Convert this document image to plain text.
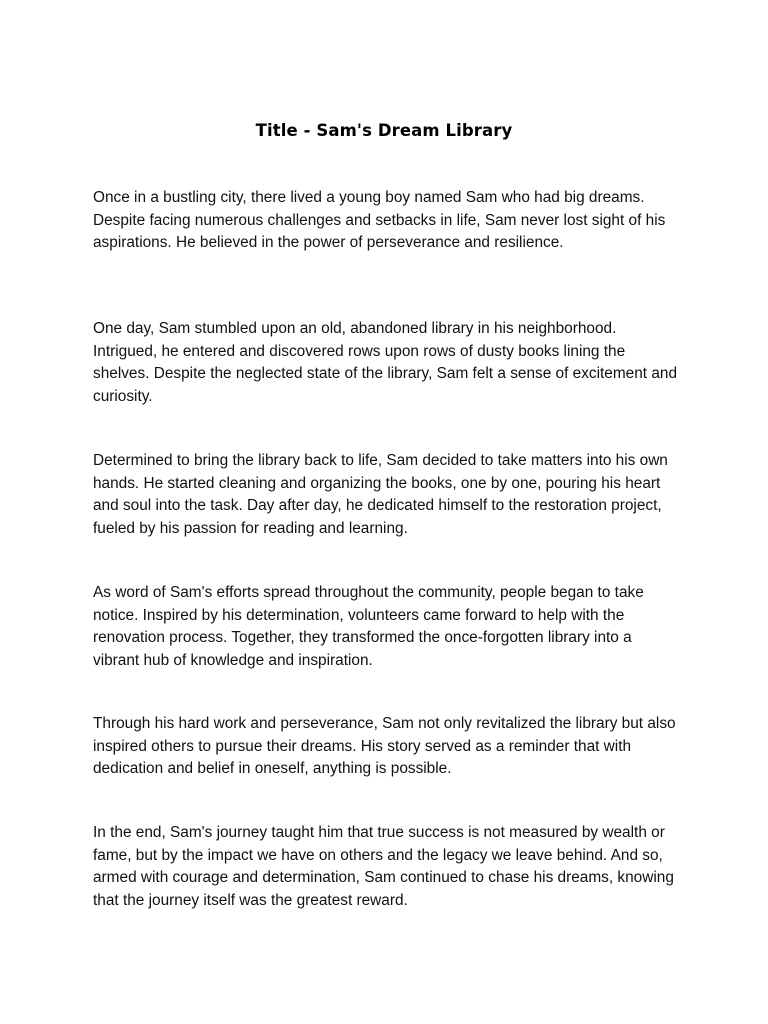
Title - Sam's Dream Library

Once in a bustling city, there lived a young boy named Sam who had big dreams. Despite facing numerous challenges and setbacks in life, Sam never lost sight of his aspirations. He believed in the power of perseverance and resilience.

One day, Sam stumbled upon an old, abandoned library in his neighborhood. Intrigued, he entered and discovered rows upon rows of dusty books lining the shelves. Despite the neglected state of the library, Sam felt a sense of excitement and curiosity.

Determined to bring the library back to life, Sam decided to take matters into his own hands. He started cleaning and organizing the books, one by one, pouring his heart and soul into the task. Day after day, he dedicated himself to the restoration project, fueled by his passion for reading and learning.

As word of Sam's efforts spread throughout the community, people began to take notice. Inspired by his determination, volunteers came forward to help with the renovation process. Together, they transformed the once-forgotten library into a vibrant hub of knowledge and inspiration.

Through his hard work and perseverance, Sam not only revitalized the library but also inspired others to pursue their dreams. His story served as a reminder that with dedication and belief in oneself, anything is possible.

In the end, Sam's journey taught him that true success is not measured by wealth or fame, but by the impact we have on others and the legacy we leave behind. And so, armed with courage and determination, Sam continued to chase his dreams, knowing that the journey itself was the greatest reward.
